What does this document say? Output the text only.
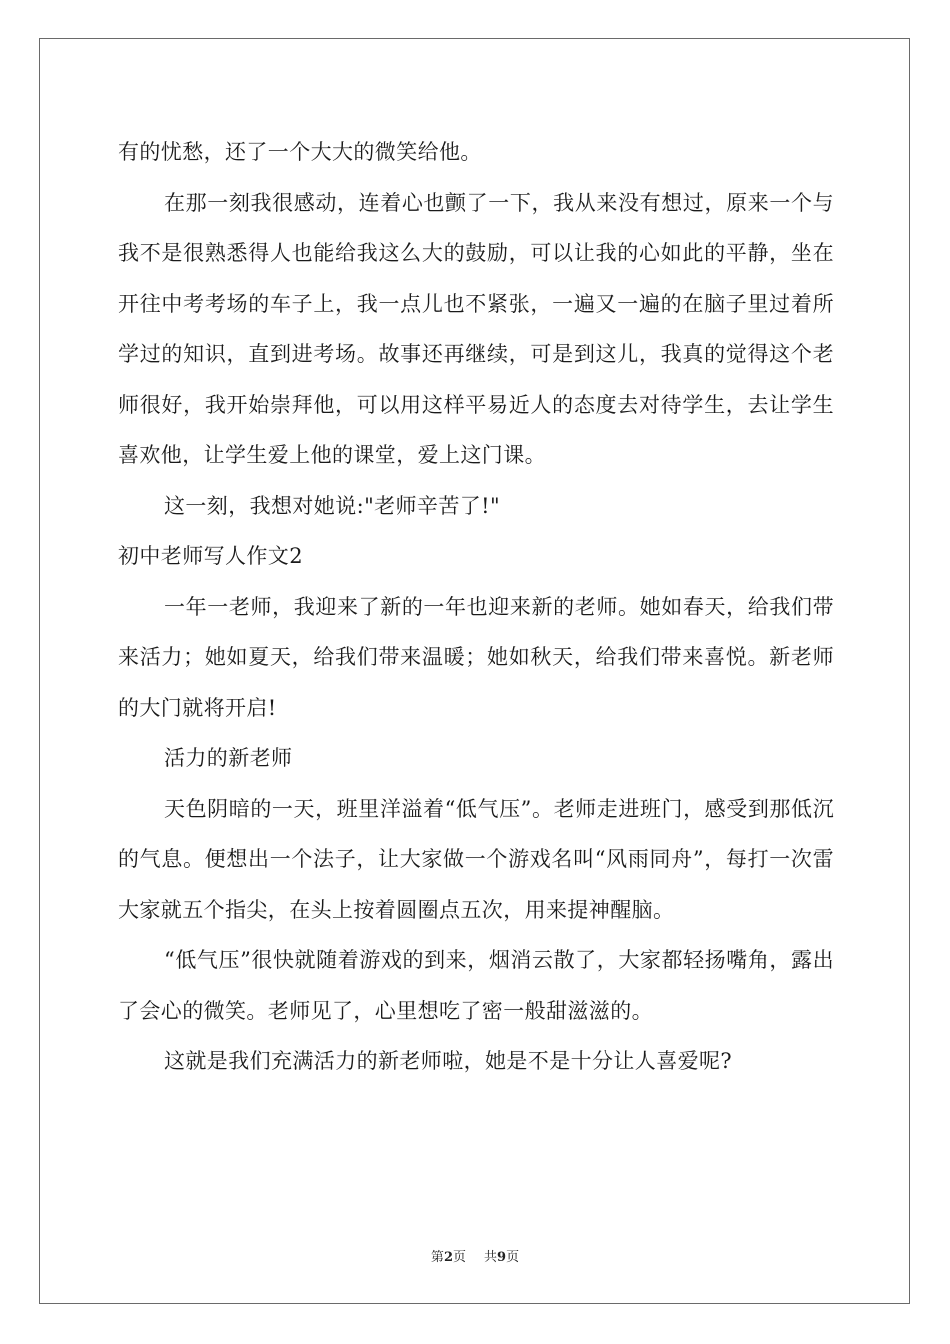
有的忧愁，还了一个大大的微笑给他。

在那一刻我很感动，连着心也颤了一下，我从来没有想过，原来一个与我不是很熟悉得人也能给我这么大的鼓励，可以让我的心如此的平静，坐在开往中考考场的车子上，我一点儿也不紧张，一遍又一遍的在脑子里过着所学过的知识，直到进考场。故事还再继续，可是到这儿，我真的觉得这个老师很好，我开始崇拜他，可以用这样平易近人的态度去对待学生，去让学生喜欢他，让学生爱上他的课堂，爱上这门课。

这一刻，我想对她说:"老师辛苦了!"

初中老师写人作文2

一年一老师，我迎来了新的一年也迎来新的老师。她如春天，给我们带来活力；她如夏天，给我们带来温暖；她如秋天，给我们带来喜悦。新老师的大门就将开启!

活力的新老师

天色阴暗的一天，班里洋溢着“低气压”。老师走进班门，感受到那低沉的气息。便想出一个法子，让大家做一个游戏名叫“风雨同舟”，每打一次雷大家就五个指尖，在头上按着圆圈点五次，用来提神醒脑。

“低气压”很快就随着游戏的到来，烟消云散了，大家都轻扬嘴角，露出了会心的微笑。老师见了，心里想吃了密一般甜滋滋的。

这就是我们充满活力的新老师啦，她是不是十分让人喜爱呢?

第2页 共9页
